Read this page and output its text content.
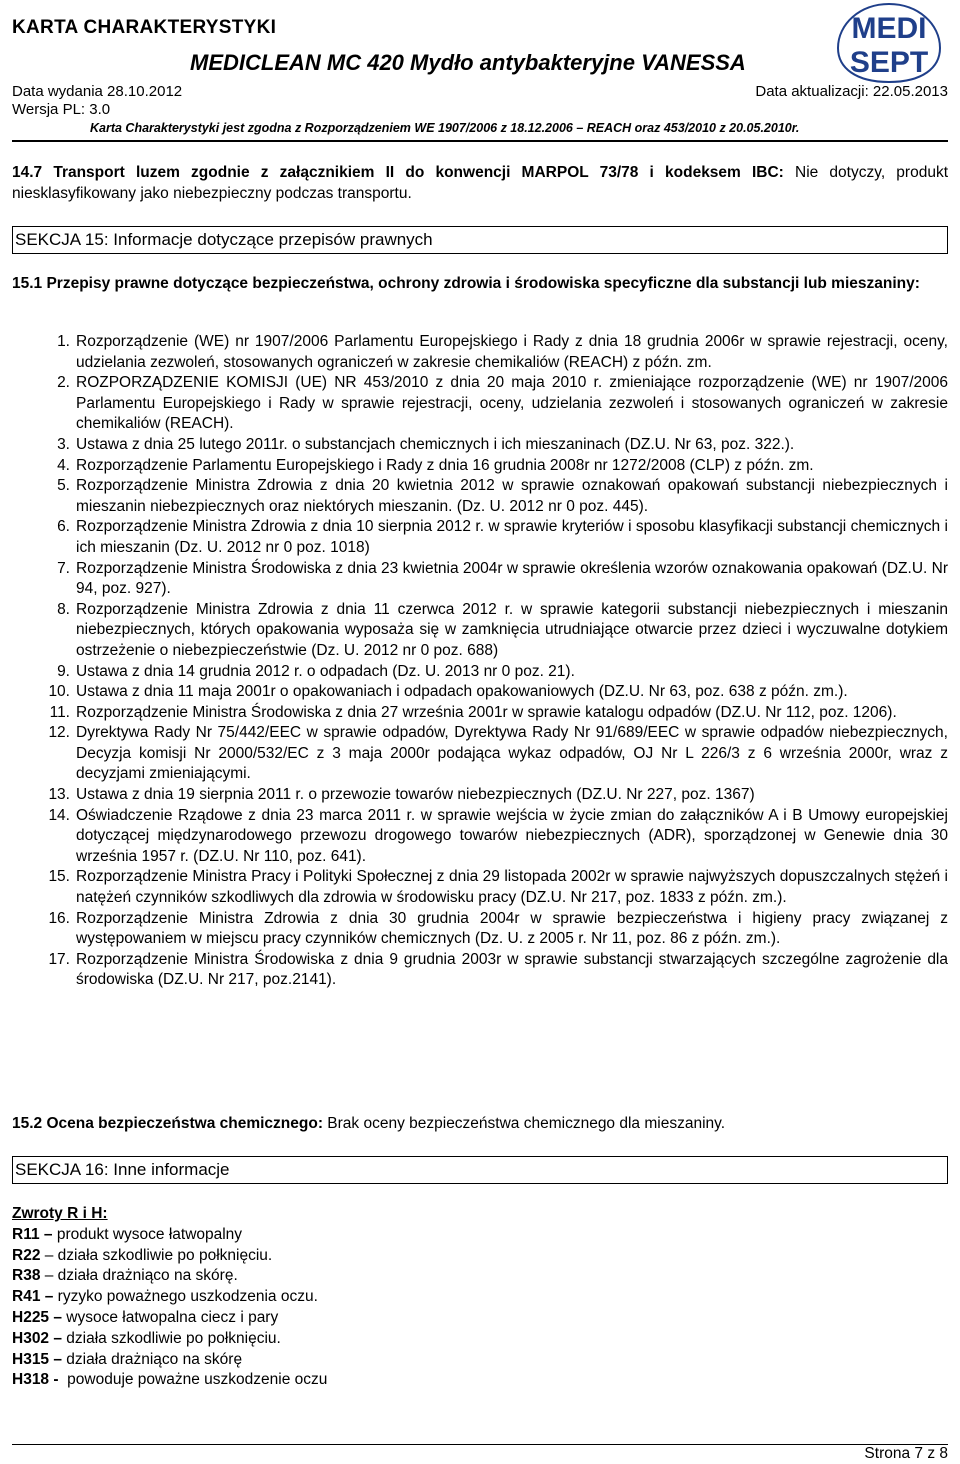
KARTA CHARAKTERYSTYKI
MEDICLEAN MC 420 Mydło antybakteryjne VANESSA
Data wydania 28.10.2012	Data aktualizacji: 22.05.2013
Wersja PL: 3.0
Karta Charakterystyki jest zgodna z Rozporządzeniem WE 1907/2006 z 18.12.2006 – REACH oraz 453/2010 z 20.05.2010r.
MEDI
SEPT
14.7 Transport luzem zgodnie z załącznikiem II do konwencji MARPOL 73/78 i kodeksem IBC: Nie dotyczy, produkt niesklasyfikowany jako niebezpieczny podczas transportu.
SEKCJA 15: Informacje dotyczące przepisów prawnych
15.1 Przepisy prawne dotyczące bezpieczeństwa, ochrony zdrowia i środowiska specyficzne dla substancji lub mieszaniny:
1. Rozporządzenie (WE) nr 1907/2006 Parlamentu Europejskiego i Rady z dnia 18 grudnia 2006r w sprawie rejestracji, oceny, udzielania zezwoleń, stosowanych ograniczeń w zakresie chemikaliów (REACH) z późn. zm.
2. ROZPORZĄDZENIE KOMISJI (UE) NR 453/2010 z dnia 20 maja 2010 r. zmieniające rozporządzenie (WE) nr 1907/2006 Parlamentu Europejskiego i Rady w sprawie rejestracji, oceny, udzielania zezwoleń i stosowanych ograniczeń w zakresie chemikaliów (REACH).
3. Ustawa z dnia 25 lutego 2011r. o substancjach chemicznych i ich mieszaninach (DZ.U. Nr 63, poz. 322.).
4. Rozporządzenie Parlamentu Europejskiego i Rady z dnia 16 grudnia 2008r nr 1272/2008 (CLP) z późn. zm.
5. Rozporządzenie Ministra Zdrowia z dnia 20 kwietnia 2012 w sprawie oznakowań opakowań substancji niebezpiecznych i mieszanin niebezpiecznych oraz niektórych mieszanin. (Dz. U. 2012 nr 0 poz. 445).
6. Rozporządzenie Ministra Zdrowia z dnia 10 sierpnia 2012 r. w sprawie kryteriów i sposobu klasyfikacji substancji chemicznych i ich mieszanin (Dz. U. 2012 nr 0 poz. 1018)
7. Rozporządzenie Ministra Środowiska z dnia 23 kwietnia 2004r w sprawie określenia wzorów oznakowania opakowań (DZ.U. Nr 94, poz. 927).
8. Rozporządzenie Ministra Zdrowia z dnia 11 czerwca 2012 r. w sprawie kategorii substancji niebezpiecznych i mieszanin niebezpiecznych, których opakowania wyposaża się w zamknięcia utrudniające otwarcie przez dzieci i wyczuwalne dotykiem ostrzeżenie o niebezpieczeństwie (Dz. U. 2012 nr 0 poz. 688)
9. Ustawa z dnia 14 grudnia 2012 r. o odpadach (Dz. U. 2013 nr 0 poz. 21).
10. Ustawa z dnia 11 maja 2001r o opakowaniach i odpadach opakowaniowych (DZ.U. Nr 63, poz. 638 z późn. zm.).
11. Rozporządzenie Ministra Środowiska z dnia 27 września 2001r w sprawie katalogu odpadów (DZ.U. Nr 112, poz. 1206).
12. Dyrektywa Rady Nr 75/442/EEC w sprawie odpadów, Dyrektywa Rady Nr 91/689/EEC w sprawie odpadów niebezpiecznych, Decyzja komisji Nr 2000/532/EC z 3 maja 2000r podająca wykaz odpadów, OJ Nr L 226/3 z 6 września 2000r, wraz z decyzjami zmieniającymi.
13. Ustawa z dnia 19 sierpnia 2011 r. o przewozie towarów niebezpiecznych (DZ.U. Nr 227, poz. 1367)
14. Oświadczenie Rządowe z dnia 23 marca 2011 r. w sprawie wejścia w życie zmian do załączników A i B Umowy europejskiej dotyczącej międzynarodowego przewozu drogowego towarów niebezpiecznych (ADR), sporządzonej w Genewie dnia 30 września 1957 r. (DZ.U. Nr 110, poz. 641).
15. Rozporządzenie Ministra Pracy i Polityki Społecznej z dnia 29 listopada 2002r w sprawie najwyższych dopuszczalnych stężeń i natężeń czynników szkodliwych dla zdrowia w środowisku pracy (DZ.U. Nr 217, poz. 1833 z późn. zm.).
16. Rozporządzenie Ministra Zdrowia z dnia 30 grudnia 2004r w sprawie bezpieczeństwa i higieny pracy związanej z występowaniem w miejscu pracy czynników chemicznych (Dz. U. z 2005 r. Nr 11, poz. 86 z późn. zm.).
17. Rozporządzenie Ministra Środowiska z dnia 9 grudnia 2003r w sprawie substancji stwarzających szczególne zagrożenie dla środowiska (DZ.U. Nr 217, poz.2141).
15.2 Ocena bezpieczeństwa chemicznego: Brak oceny bezpieczeństwa chemicznego dla mieszaniny.
SEKCJA 16: Inne informacje
Zwroty R i H:
R11 – produkt wysoce łatwopalny
R22 – działa szkodliwie po połknięciu.
R38 – działa drażniąco na skórę.
R41 – ryzyko poważnego uszkodzenia oczu.
H225 – wysoce łatwopalna ciecz i pary
H302 – działa szkodliwie po połknięciu.
H315 – działa drażniąco na skórę
H318 -  powoduje poważne uszkodzenie oczu
Strona 7 z 8
